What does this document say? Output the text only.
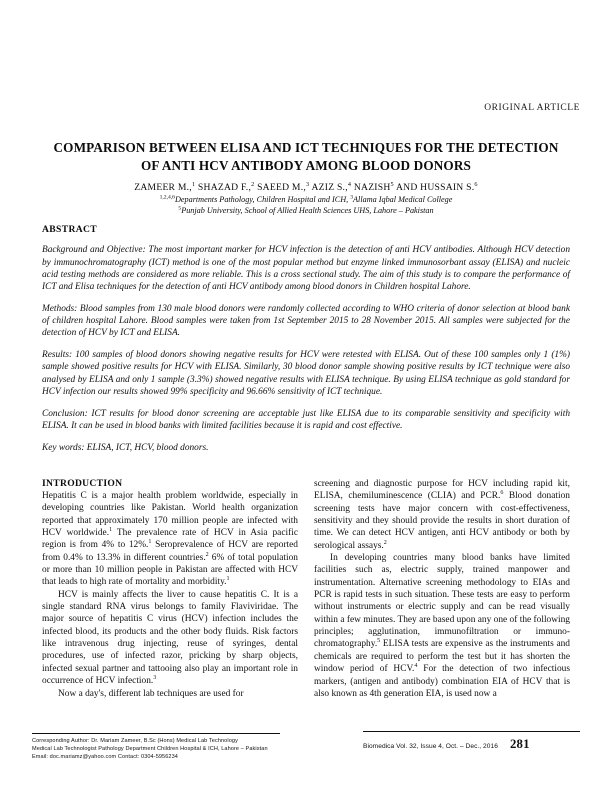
ORIGINAL ARTICLE
COMPARISON BETWEEN ELISA AND ICT TECHNIQUES FOR THE DETECTION
OF ANTI HCV ANTIBODY AMONG BLOOD DONORS
ZAMEER M.,$^1$ SHAZAD F.,$^2$ SAEED M.,$^3$ AZIZ S.,$^4$ NAZISH$^5$ AND HUSSAIN S.$^6$
$^{1,2,4,6}$Departments Pathology, Children Hospital and ICH, $^3$Allama Iqbal Medical College
$^5$Punjab University, School of Allied Health Sciences UHS, Lahore – Pakistan
ABSTRACT

Background and Objective: The most important marker for HCV infection is the detection of anti HCV antibodies. Although HCV detection by immunochromatography (ICT) method is one of the most popular method but enzyme linked immunosorbant assay (ELISA) and nucleic acid testing methods are considered as more reliable. This is a cross sectional study. The aim of this study is to compare the performance of ICT and Elisa techniques for the detection of anti HCV antibody among blood donors in Children hospital Lahore.

Methods: Blood samples from 130 male blood donors were randomly collected according to WHO criteria of donor selection at blood bank of children hospital Lahore. Blood samples were taken from 1st September 2015 to 28 November 2015. All samples were subjected for the detection of HCV by ICT and ELISA.

Results: 100 samples of blood donors showing negative results for HCV were retested with ELISA. Out of these 100 samples only 1 (1%) sample showed positive results for HCV with ELISA. Similarly, 30 blood donor sample showing positive results by ICT technique were also analysed by ELISA and only 1 sample (3.3%) showed negative results with ELISA technique. By using ELISA technique as gold standard for HCV infection our results showed 99% specificity and 96.66% sensitivity of ICT technique.

Conclusion: ICT results for blood donor screening are acceptable just like ELISA due to its comparable sensitivity and specificity with ELISA. It can be used in blood banks with limited facilities because it is rapid and cost effective.

Key words: ELISA, ICT, HCV, blood donors.

INTRODUCTION

Hepatitis C is a major health problem worldwide, especially in developing countries like Pakistan. World health organization reported that approximately 170 million people are infected with HCV worldwide.$^1$ The prevalence rate of HCV in Asia pacific region is from 4% to 12%.$^1$ Seroprevalence of HCV are reported from 0.4% to 13.3% in different countries.$^2$ 6% of total population or more than 10 million people in Pakistan are affected with HCV that leads to high rate of mortality and morbidity.$^1$

HCV is mainly affects the liver to cause hepatitis C. It is a single standard RNA virus belongs to family Flaviviridae. The major source of hepatitis C virus (HCV) infection includes the infected blood, its products and the other body fluids. Risk factors like intravenous drug injecting, reuse of syringes, dental procedures, use of infected razor, pricking by sharp objects, infected sexual partner and tattooing also play an important role in occurrence of HCV infection.$^3$

Now a day's, different lab techniques are used for

screening and diagnostic purpose for HCV including rapid kit, ELISA, chemiluminescence (CLIA) and PCR.$^6$ Blood donation screening tests have major concern with cost-effectiveness, sensitivity and they should provide the results in short duration of time. We can detect HCV antigen, anti HCV antibody or both by serological assays.$^2$

In developing countries many blood banks have limited facilities such as, electric supply, trained manpower and instrumentation. Alternative screening methodology to EIAs and PCR is rapid tests in such situation. These tests are easy to perform without instruments or electric supply and can be read visually within a few minutes. They are based upon any one of the following principles; agglutination, immunofiltration or immuno-chromatography.$^5$ ELISA tests are expensive as the instruments and chemicals are required to perform the test but it has shorten the window period of HCV.$^4$ For the detection of two infectious markers, (antigen and antibody) combination EIA of HCV that is also known as 4th generation EIA, is used now a

Corresponding Author: Dr. Mariam Zameer, B.Sc (Hons) Medical Lab Technology
Medical Lab Technologist Pathology Department Children Hospital & ICH, Lahore – Pakistan
Email: doc.mariamz@yahoo.com Contact: 0304-5956234
Biomedica Vol. 32, Issue 4, Oct. – Dec., 2016 281
